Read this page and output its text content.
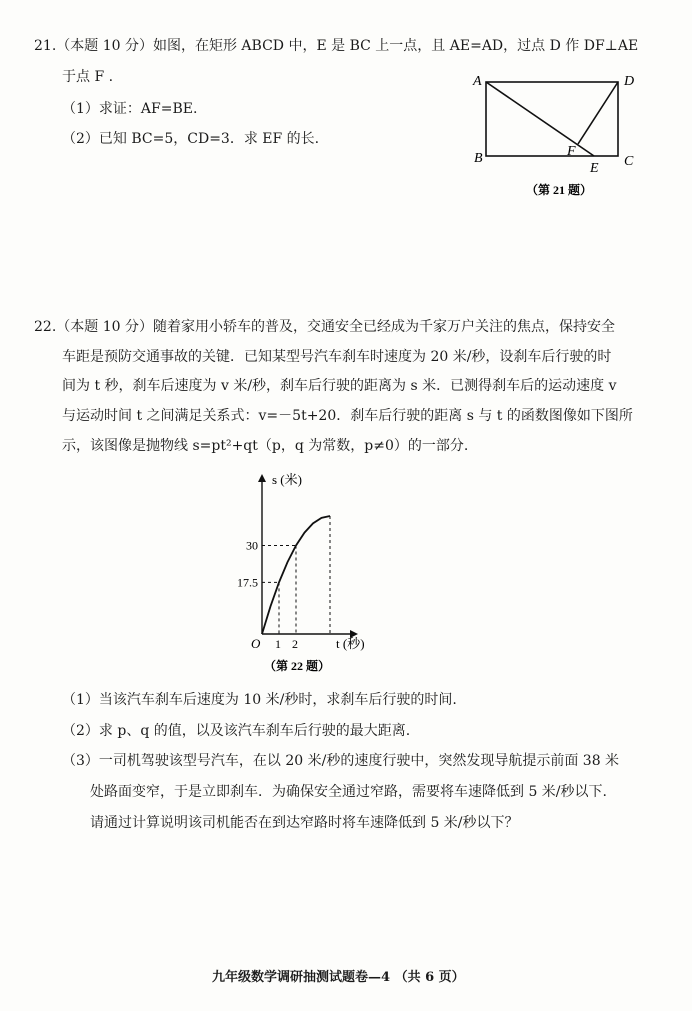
21.（本题 10 分）如图，在矩形 ABCD 中，E 是 BC 上一点，且 AE=AD，过点 D 作 DF⊥AE
于点 F .
（1）求证：AF=BE.
（2）已知 BC=5，CD=3．求 EF 的长.
A	D
B	C
F
E
（第 21 题）
22.（本题 10 分）随着家用小轿车的普及，交通安全已经成为千家万户关注的焦点，保持安全
车距是预防交通事故的关键．已知某型号汽车刹车时速度为 20 米/秒，设刹车后行驶的时
间为 t 秒，刹车后速度为 v 米/秒，刹车后行驶的距离为 s 米．已测得刹车后的运动速度 v
与运动时间 t 之间满足关系式：v=－5t+20．刹车后行驶的距离 s 与 t 的函数图像如下图所
示，该图像是抛物线 s=pt²+qt（p，q 为常数，p≠0）的一部分.
1 2
17.5
30
s (米)
t (秒)
O
（第 22 题）
（1）当该汽车刹车后速度为 10 米/秒时，求刹车后行驶的时间.
（2）求 p、q 的值，以及该汽车刹车后行驶的最大距离.
（3）一司机驾驶该型号汽车，在以 20 米/秒的速度行驶中，突然发现导航提示前面 38 米
处路面变窄，于是立即刹车．为确保安全通过窄路，需要将车速降低到 5 米/秒以下.
请通过计算说明该司机能否在到达窄路时将车速降低到 5 米/秒以下？
九年级数学调研抽测试题卷—4 （共 6 页）
